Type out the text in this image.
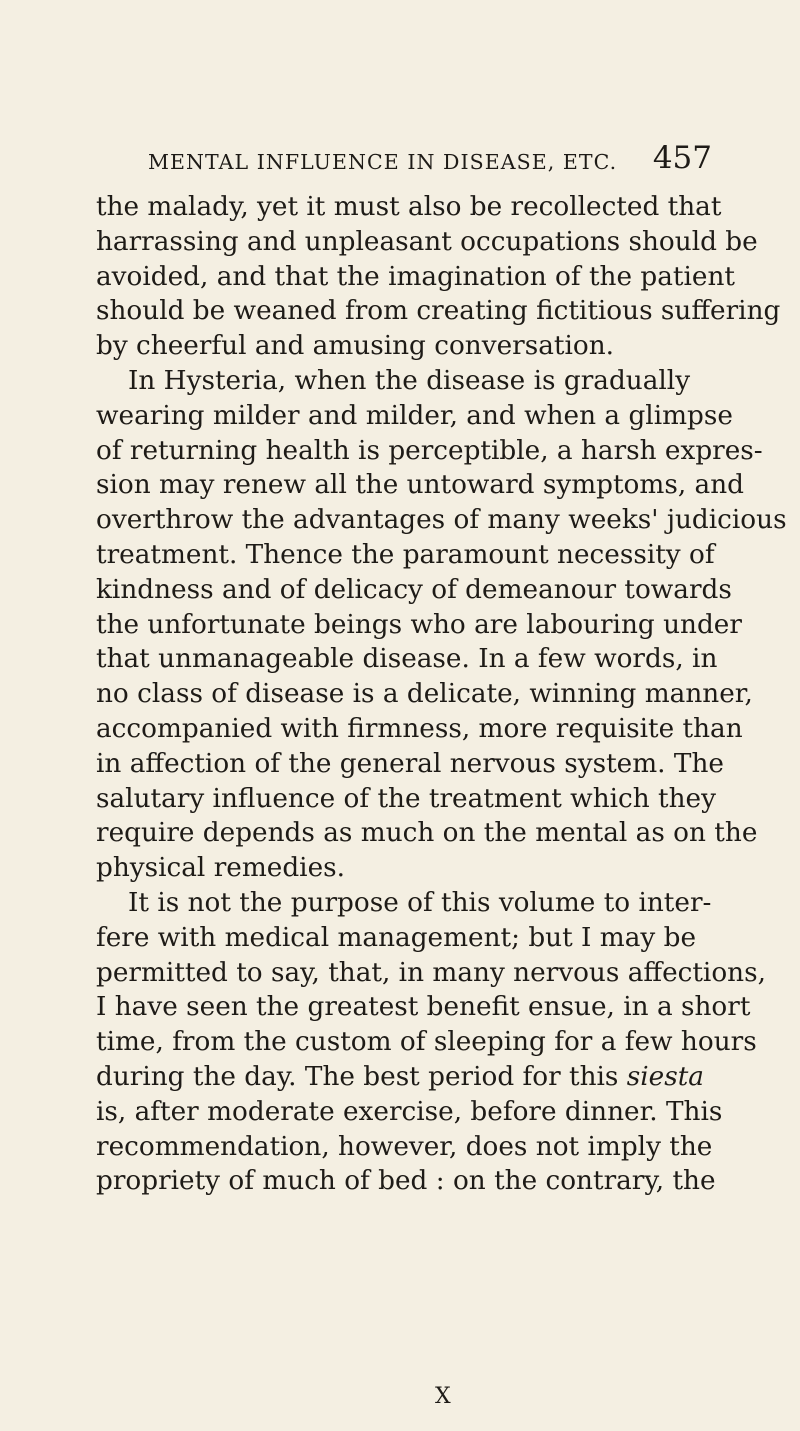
MENTAL INFLUENCE IN DISEASE, ETC. 457
the malady, yet it must also be recollected that
harrassing and unpleasant occupations should be
avoided, and that the imagination of the patient
should be weaned from creating fictitious suffering
by cheerful and amusing conversation.
In Hysteria, when the disease is gradually
wearing milder and milder, and when a glimpse
of returning health is perceptible, a harsh expres-
sion may renew all the untoward symptoms, and
overthrow the advantages of many weeks' judicious
treatment. Thence the paramount necessity of
kindness and of delicacy of demeanour towards
the unfortunate beings who are labouring under
that unmanageable disease. In a few words, in
no class of disease is a delicate, winning manner,
accompanied with firmness, more requisite than
in affection of the general nervous system. The
salutary influence of the treatment which they
require depends as much on the mental as on the
physical remedies.
It is not the purpose of this volume to inter-
fere with medical management; but I may be
permitted to say, that, in many nervous affections,
I have seen the greatest benefit ensue, in a short
time, from the custom of sleeping for a few hours
during the day. The best period for this siesta
is, after moderate exercise, before dinner. This
recommendation, however, does not imply the
propriety of much of bed : on the contrary, the
X
